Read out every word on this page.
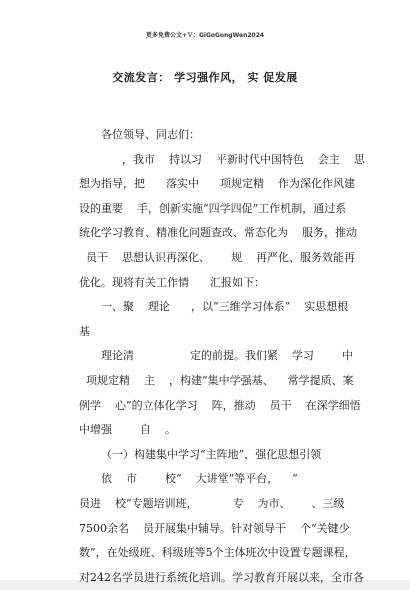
更多免费公文+Ｖ：GiGoGongWen2024
交流发言： 学习强作风， 实 促发展
各位领导、同志们：
，我市    持以习    平新时代中国特色    会主    思
想为指导，把      落实中      项规定精    作为深化作风建
设的重要    手，创新实施“四学四促”工作机制，通过系
统化学习教育、精准化问题查改、常态化为    服务，推动
员干    思想认识再深化、      规    再严化、服务效能再
优化。现将有关工作情      汇报如下：
一、聚    理论      ，以“三维学习体系”    实思想根
基
理论清                定的前提。我们紧    学习        中
项规定精    主    ，构建“集中学强基、    常学提质、案
例学    心”的立体化学习    阵，推动    员干    在深学细悟
中增强        自    。
（一）构建集中学习“主阵地”，强化思想引领
依    市        校“    大讲堂”等平台，    “
员进    校”专题培训班，          专    为市、      、三级
7500余名    员开展集中辅导。针对领导干    个“关键少
数”，在处级班、科级班等5个主体班次中设置专题课程，
对242名学员进行系统化培训。学习教育开展以来，全市各
